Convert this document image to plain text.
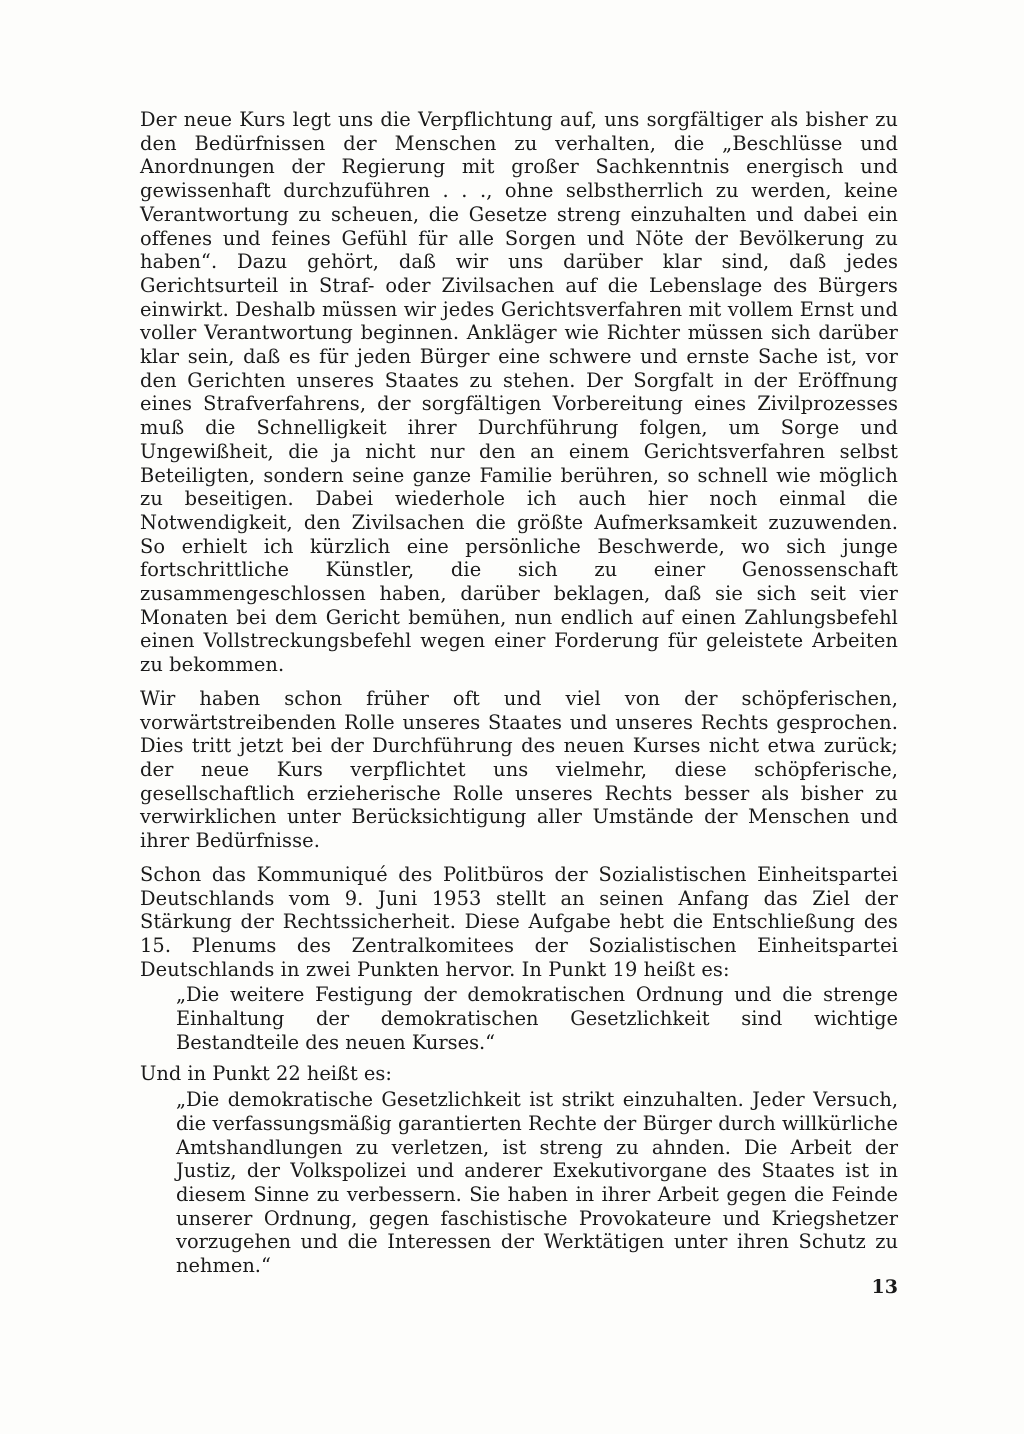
Der neue Kurs legt uns die Verpflichtung auf, uns sorgfältiger als bisher zu den Bedürfnissen der Menschen zu verhalten, die „Beschlüsse und Anordnungen der Regierung mit großer Sachkenntnis energisch und gewissenhaft durchzuführen . . ., ohne selbstherrlich zu werden, keine Verantwortung zu scheuen, die Gesetze streng einzuhalten und dabei ein offenes und feines Gefühl für alle Sorgen und Nöte der Bevölkerung zu haben“. Dazu gehört, daß wir uns darüber klar sind, daß jedes Gerichtsurteil in Straf- oder Zivilsachen auf die Lebenslage des Bürgers einwirkt. Deshalb müssen wir jedes Gerichtsverfahren mit vollem Ernst und voller Verantwortung beginnen. Ankläger wie Richter müssen sich darüber klar sein, daß es für jeden Bürger eine schwere und ernste Sache ist, vor den Gerichten unseres Staates zu stehen. Der Sorgfalt in der Eröffnung eines Strafverfahrens, der sorgfältigen Vorbereitung eines Zivilprozesses muß die Schnelligkeit ihrer Durchführung folgen, um Sorge und Ungewißheit, die ja nicht nur den an einem Gerichtsverfahren selbst Beteiligten, sondern seine ganze Familie berühren, so schnell wie möglich zu beseitigen. Dabei wiederhole ich auch hier noch einmal die Notwendigkeit, den Zivilsachen die größte Aufmerksamkeit zuzuwenden. So erhielt ich kürzlich eine persönliche Beschwerde, wo sich junge fortschrittliche Künstler, die sich zu einer Genossenschaft zusammengeschlossen haben, darüber beklagen, daß sie sich seit vier Monaten bei dem Gericht bemühen, nun endlich auf einen Zahlungsbefehl einen Vollstreckungsbefehl wegen einer Forderung für geleistete Arbeiten zu bekommen.

Wir haben schon früher oft und viel von der schöpferischen, vorwärtstreibenden Rolle unseres Staates und unseres Rechts gesprochen. Dies tritt jetzt bei der Durchführung des neuen Kurses nicht etwa zurück; der neue Kurs verpflichtet uns vielmehr, diese schöpferische, gesellschaftlich erzieherische Rolle unseres Rechts besser als bisher zu verwirklichen unter Berücksichtigung aller Umstände der Menschen und ihrer Bedürfnisse.

Schon das Kommuniqué des Politbüros der Sozialistischen Einheitspartei Deutschlands vom 9. Juni 1953 stellt an seinen Anfang das Ziel der Stärkung der Rechtssicherheit. Diese Aufgabe hebt die Entschließung des 15. Plenums des Zentralkomitees der Sozialistischen Einheitspartei Deutschlands in zwei Punkten hervor. In Punkt 19 heißt es:

„Die weitere Festigung der demokratischen Ordnung und die strenge Einhaltung der demokratischen Gesetzlichkeit sind wichtige Bestandteile des neuen Kurses.“

Und in Punkt 22 heißt es:

„Die demokratische Gesetzlichkeit ist strikt einzuhalten. Jeder Versuch, die verfassungsmäßig garantierten Rechte der Bürger durch willkürliche Amtshandlungen zu verletzen, ist streng zu ahnden. Die Arbeit der Justiz, der Volkspolizei und anderer Exekutivorgane des Staates ist in diesem Sinne zu verbessern. Sie haben in ihrer Arbeit gegen die Feinde unserer Ordnung, gegen faschistische Provokateure und Kriegshetzer vorzugehen und die Interessen der Werktätigen unter ihren Schutz zu nehmen.“

13
